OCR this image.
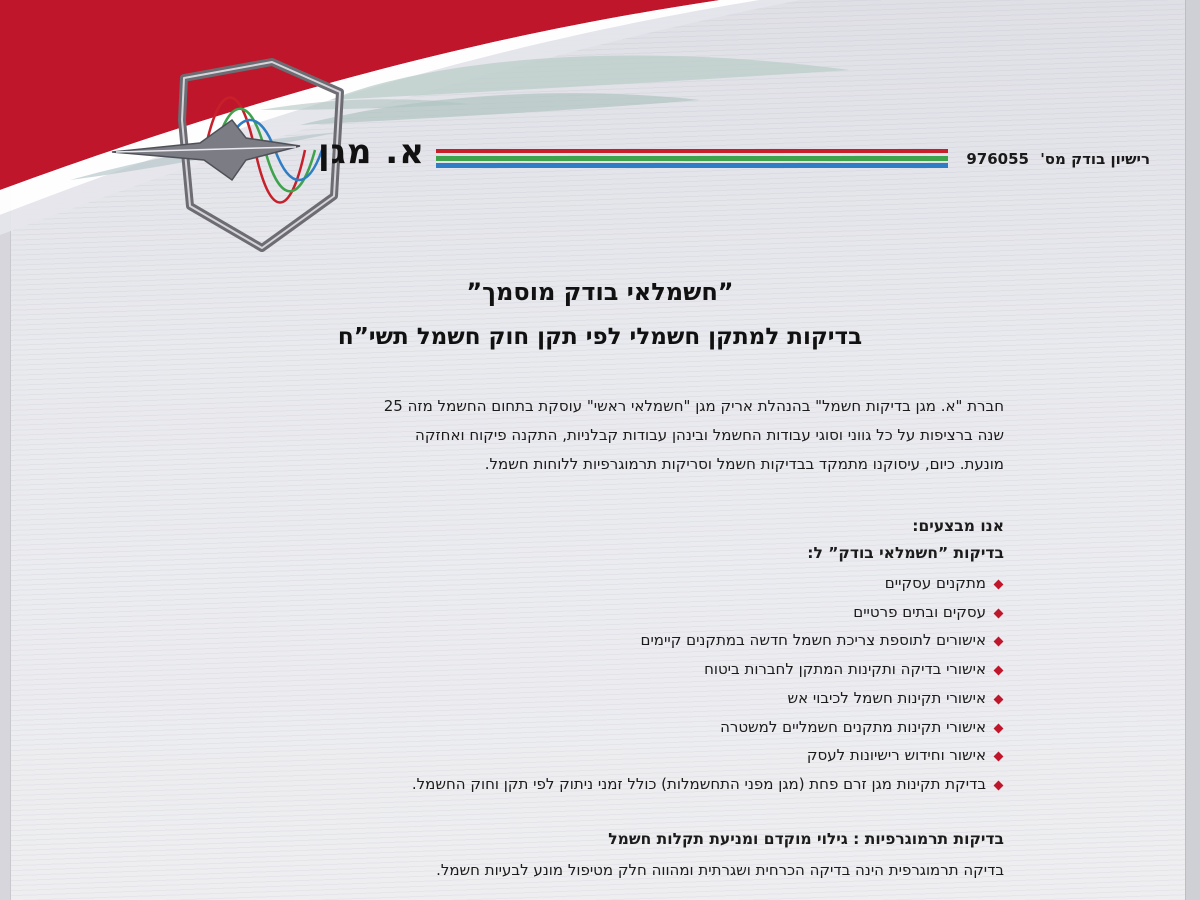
א. מגן	רישיון בודק מס' 976055
”חשמלאי בודק מוסמך”
בדיקות למתקן חשמלי לפי תקן חוק חשמל תשי”ח
חברת "א. מגן בדיקות חשמל" בהנהלת אריק מגן "חשמלאי ראשי" עוסקת בתחום החשמל מזה 25
שנה ברציפות על כל גווני וסוגי עבודות החשמל ובינהן עבודות קבלניות, התקנה פיקוח ואחזקה
מונעת. כיום, עיסוקנו מתמקד בבדיקות חשמל וסריקות תרמוגרפיות ללוחות חשמל.

אנו מבצעים:

בדיקות ”חשמלאי בודק” ל:

מתקנים עסקיים
עסקים ובתים פרטיים
אישורים לתוספת צריכת חשמל חדשה במתקנים קיימים
אישורי בדיקה ותקינות המתקן לחברות ביטוח
אישורי תקינות חשמל לכיבוי אש
אישורי תקינות מתקנים חשמליים למשטרה
אישור וחידוש רישיונות לעסק
בדיקת תקינות מגן זרם פחת (מגן מפני התחשמלות) כולל זמני ניתוק לפי תקן וחוק החשמל.

בדיקות תרמוגרפיות : גילוי מוקדם ומניעת תקלות חשמל

בדיקה תרמוגרפית הינה בדיקה הכרחית ושגרתית ומהווה חלק מטיפול מונע לבעיות חשמל.
